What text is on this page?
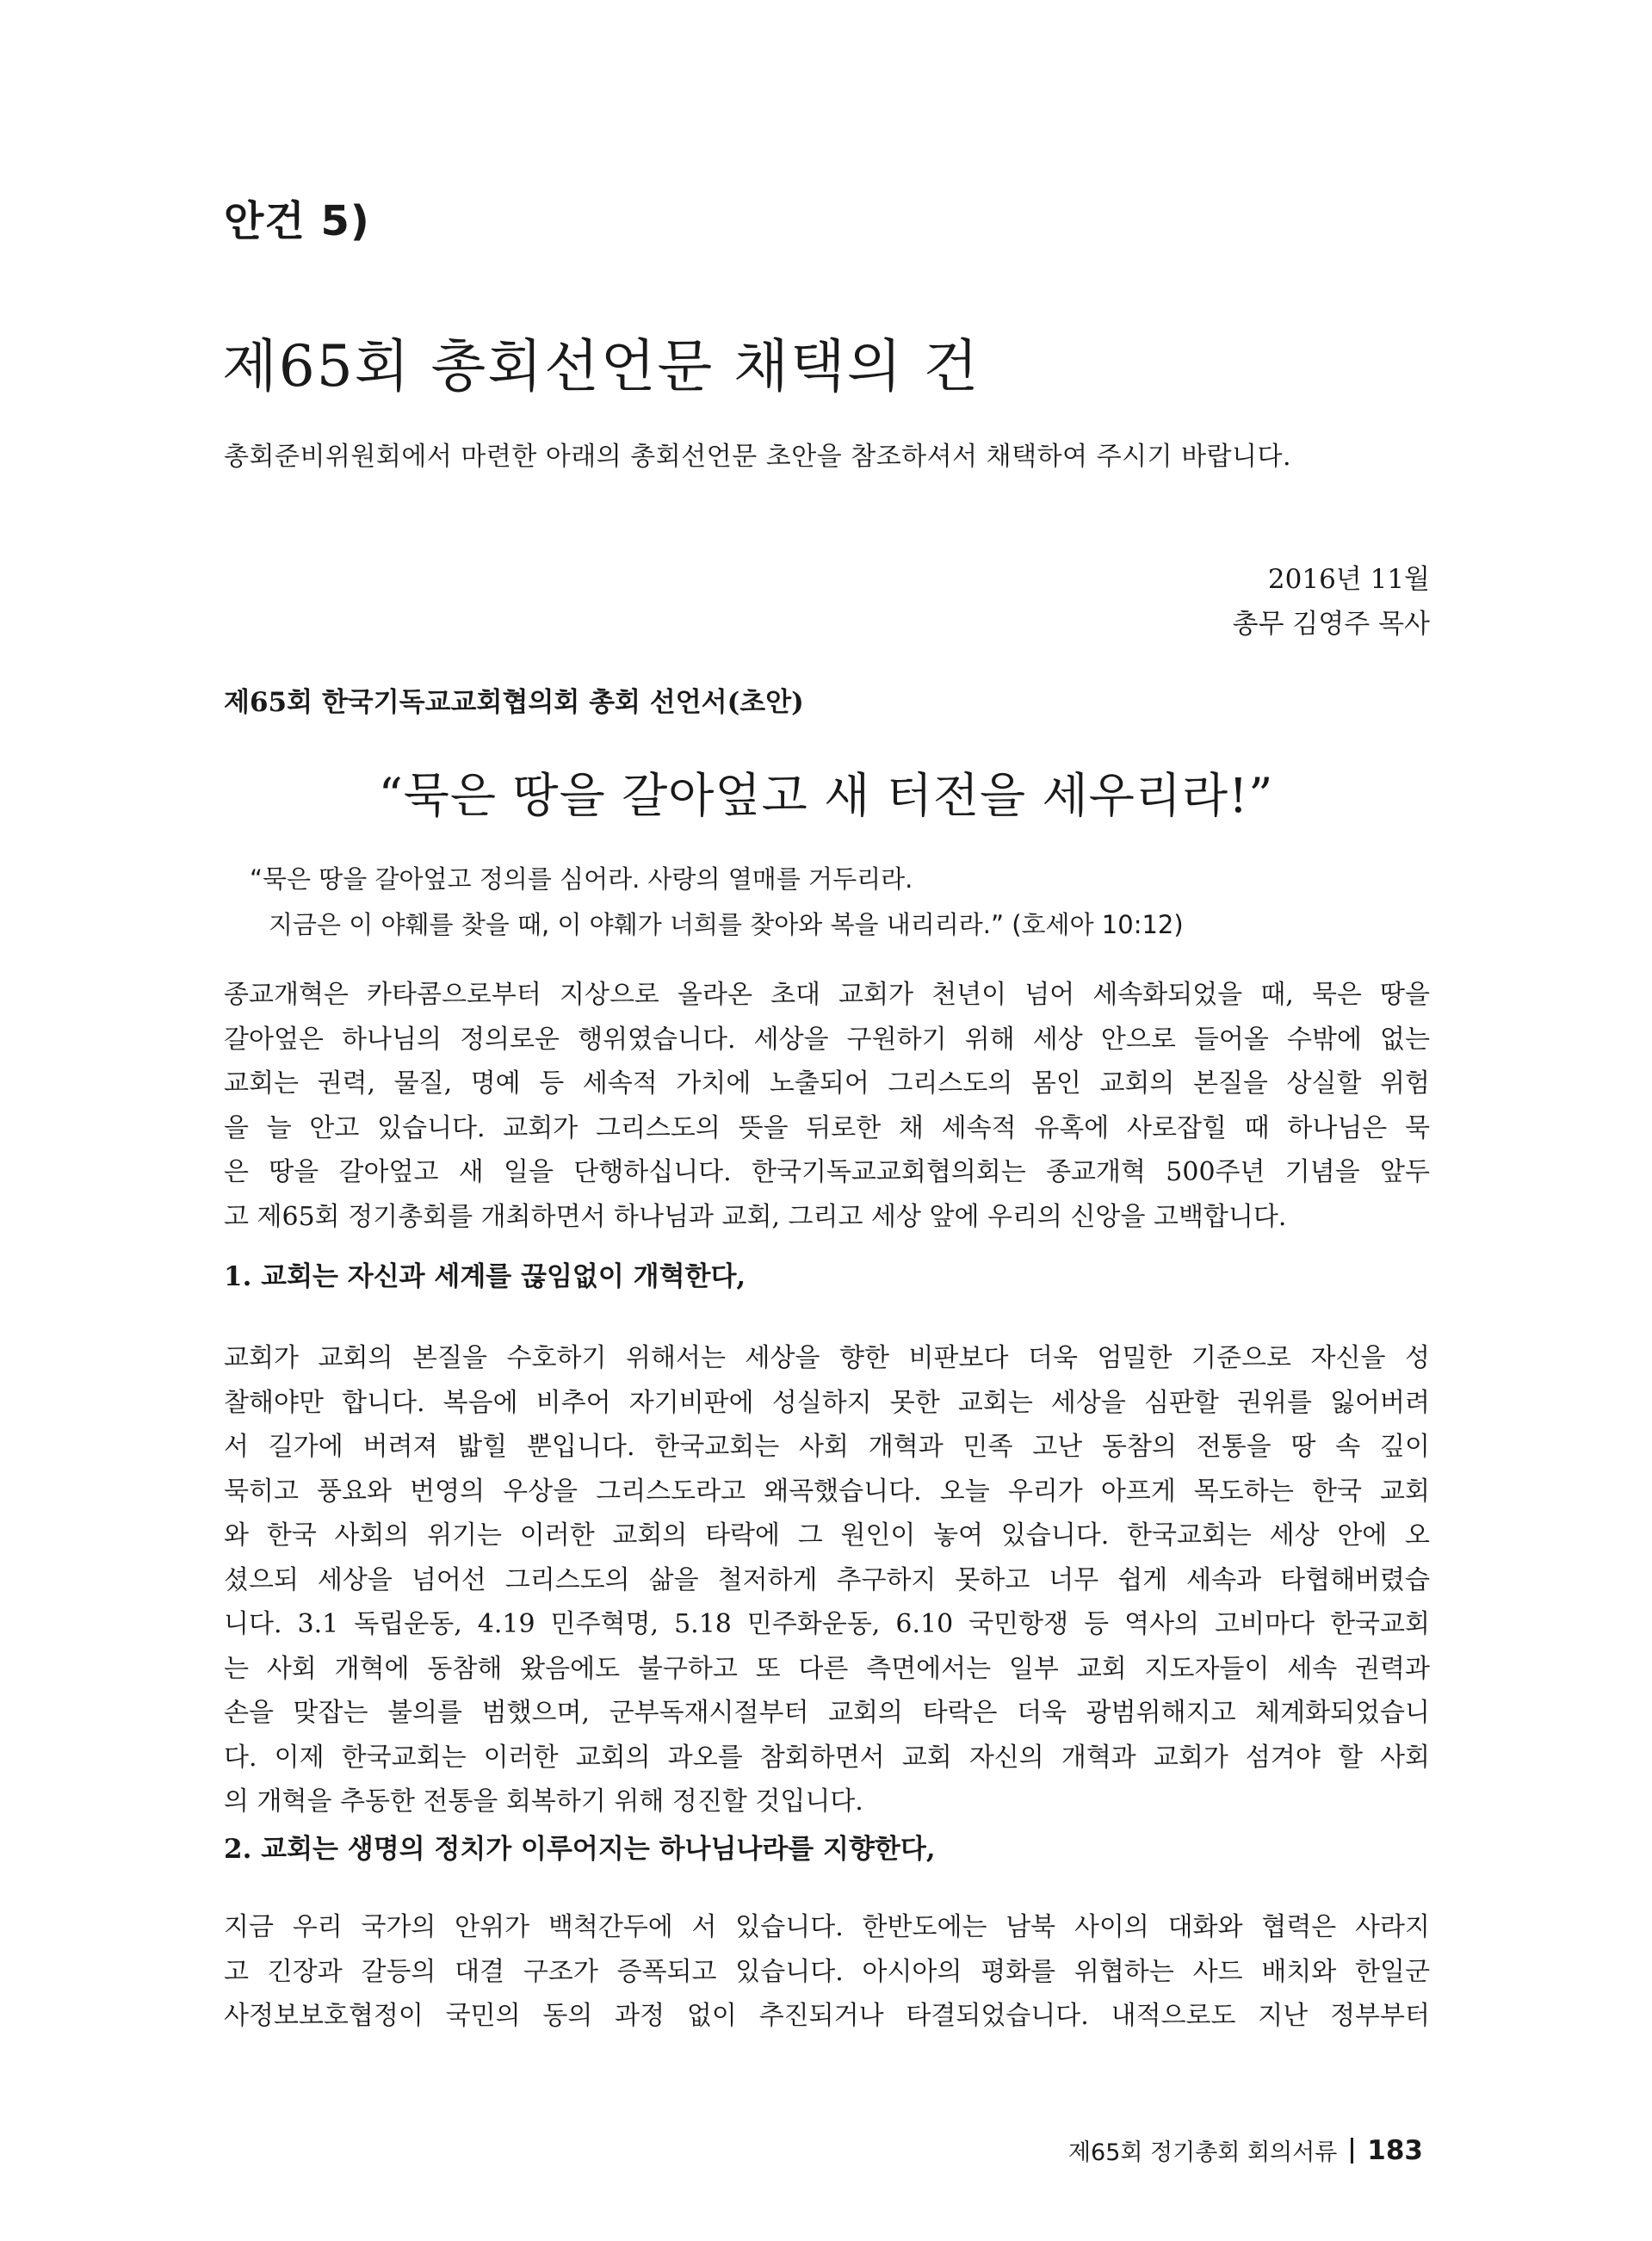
안건 5)
제65회 총회선언문 채택의 건

총회준비위원회에서 마련한 아래의 총회선언문 초안을 참조하셔서 채택하여 주시기 바랍니다.

2016년 11월
총무 김영주 목사
제65회 한국기독교교회협의회 총회 선언서(초안)
“묵은 땅을 갈아엎고 새 터전을 세우리라!”
“묵은 땅을 갈아엎고 정의를 심어라. 사랑의 열매를 거두리라.
지금은 이 야훼를 찾을 때, 이 야훼가 너희를 찾아와 복을 내리리라.” (호세아 10:12)
종교개혁은 카타콤으로부터 지상으로 올라온 초대 교회가 천년이 넘어 세속화되었을 때, 묵은 땅을
갈아엎은 하나님의 정의로운 행위였습니다. 세상을 구원하기 위해 세상 안으로 들어올 수밖에 없는
교회는 권력, 물질, 명예 등 세속적 가치에 노출되어 그리스도의 몸인 교회의 본질을 상실할 위험
을 늘 안고 있습니다. 교회가 그리스도의 뜻을 뒤로한 채 세속적 유혹에 사로잡힐 때 하나님은 묵
은 땅을 갈아엎고 새 일을 단행하십니다. 한국기독교교회협의회는 종교개혁 500주년 기념을 앞두
고 제65회 정기총회를 개최하면서 하나님과 교회, 그리고 세상 앞에 우리의 신앙을 고백합니다.
1. 교회는 자신과 세계를 끊임없이 개혁한다,
교회가 교회의 본질을 수호하기 위해서는 세상을 향한 비판보다 더욱 엄밀한 기준으로 자신을 성
찰해야만 합니다. 복음에 비추어 자기비판에 성실하지 못한 교회는 세상을 심판할 권위를 잃어버려
서 길가에 버려져 밟힐 뿐입니다. 한국교회는 사회 개혁과 민족 고난 동참의 전통을 땅 속 깊이
묵히고 풍요와 번영의 우상을 그리스도라고 왜곡했습니다. 오늘 우리가 아프게 목도하는 한국 교회
와 한국 사회의 위기는 이러한 교회의 타락에 그 원인이 놓여 있습니다. 한국교회는 세상 안에 오
셨으되 세상을 넘어선 그리스도의 삶을 철저하게 추구하지 못하고 너무 쉽게 세속과 타협해버렸습
니다. 3.1 독립운동, 4.19 민주혁명, 5.18 민주화운동, 6.10 국민항쟁 등 역사의 고비마다 한국교회
는 사회 개혁에 동참해 왔음에도 불구하고 또 다른 측면에서는 일부 교회 지도자들이 세속 권력과
손을 맞잡는 불의를 범했으며, 군부독재시절부터 교회의 타락은 더욱 광범위해지고 체계화되었습니
다. 이제 한국교회는 이러한 교회의 과오를 참회하면서 교회 자신의 개혁과 교회가 섬겨야 할 사회
의 개혁을 추동한 전통을 회복하기 위해 정진할 것입니다.
2. 교회는 생명의 정치가 이루어지는 하나님나라를 지향한다,
지금 우리 국가의 안위가 백척간두에 서 있습니다. 한반도에는 남북 사이의 대화와 협력은 사라지
고 긴장과 갈등의 대결 구조가 증폭되고 있습니다. 아시아의 평화를 위협하는 사드 배치와 한일군
사정보보호협정이 국민의 동의 과정 없이 추진되거나 타결되었습니다. 내적으로도 지난 정부부터
제65회 정기총회 회의서류 183
